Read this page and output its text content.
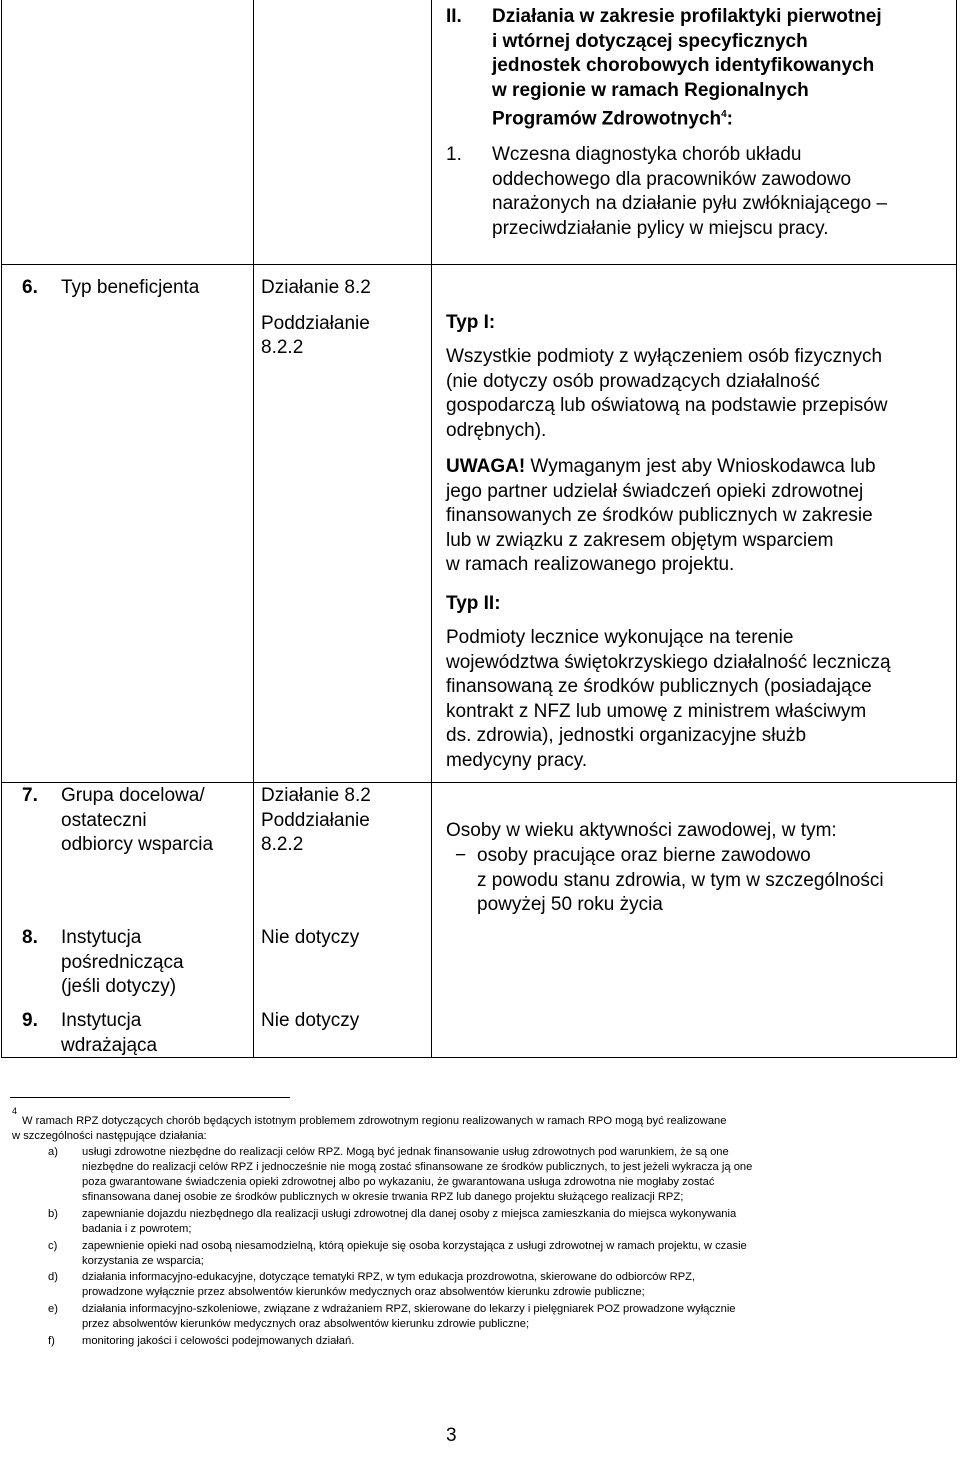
II. Działania w zakresie profilaktyki pierwotnej
i wtórnej dotyczącej specyficznych
jednostek chorobowych identyfikowanych
w regionie w ramach Regionalnych
Programów Zdrowotnych$^4$:
1. Wczesna diagnostyka chorób układu
oddechowego dla pracowników zawodowo
narażonych na działanie pyłu zwłókniającego –
przeciwdziałanie pylicy w miejscu pracy.
6. Typ beneficjenta	Działanie 8.2
Poddziałanie
8.2.2
Typ I:
Wszystkie podmioty z wyłączeniem osób fizycznych
(nie dotyczy osób prowadzących działalność
gospodarczą lub oświatową na podstawie przepisów
odrębnych).
UWAGA! Wymaganym jest aby Wnioskodawca lub
jego partner udzielał świadczeń opieki zdrowotnej
finansowanych ze środków publicznych w zakresie
lub w związku z zakresem objętym wsparciem
w ramach realizowanego projektu.
Typ II:
Podmioty lecznice wykonujące na terenie
województwa świętokrzyskiego działalność leczniczą
finansowaną ze środków publicznych (posiadające
kontrakt z NFZ lub umowę z ministrem właściwym
ds. zdrowia), jednostki organizacyjne służb
medycyny pracy.
7. Grupa docelowa/
ostateczni
odbiorcy wsparcia
Działanie 8.2
Poddziałanie
8.2.2
Osoby w wieku aktywności zawodowej, w tym:
− osoby pracujące oraz bierne zawodowo
z powodu stanu zdrowia, w tym w szczególności
powyżej 50 roku życia
8. Instytucja
pośrednicząca
(jeśli dotyczy)
Nie dotyczy
9. Instytucja
wdrażająca
Nie dotyczy
4
W ramach RPZ dotyczących chorób będących istotnym problemem zdrowotnym regionu realizowanych w ramach RPO mogą być realizowane
w szczególności następujące działania:
a) usługi zdrowotne niezbędne do realizacji celów RPZ. Mogą być jednak finansowanie usług zdrowotnych pod warunkiem, że są one
niezbędne do realizacji celów RPZ i jednocześnie nie mogą zostać sfinansowane ze środków publicznych, to jest jeżeli wykracza ją one
poza gwarantowane świadczenia opieki zdrowotnej albo po wykazaniu, że gwarantowana usługa zdrowotna nie mogłaby zostać
sfinansowana danej osobie ze środków publicznych w okresie trwania RPZ lub danego projektu służącego realizacji RPZ;
b) zapewnianie dojazdu niezbędnego dla realizacji usługi zdrowotnej dla danej osoby z miejsca zamieszkania do miejsca wykonywania
badania i z powrotem;
c) zapewnienie opieki nad osobą niesamodzielną, którą opiekuje się osoba korzystająca z usługi zdrowotnej w ramach projektu, w czasie
korzystania ze wsparcia;
d) działania informacyjno-edukacyjne, dotyczące tematyki RPZ, w tym edukacja prozdrowotna, skierowane do odbiorców RPZ,
prowadzone wyłącznie przez absolwentów kierunków medycznych oraz absolwentów kierunku zdrowie publiczne;
e) działania informacyjno-szkoleniowe, związane z wdrażaniem RPZ, skierowane do lekarzy i pielęgniarek POZ prowadzone wyłącznie
przez absolwentów kierunków medycznych oraz absolwentów kierunku zdrowie publiczne;
f) monitoring jakości i celowości podejmowanych działań.
3
